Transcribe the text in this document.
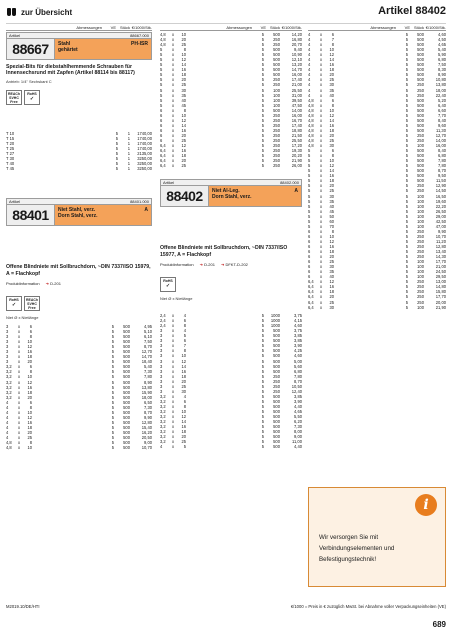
zur Übersicht	Artikel 88402
Abmessungen	VE Stück €/1000/Stk.
Artikel	88667.000
88667	Stahl
gehärtet
PH-ISR
Spezial-Bits für diebstahlhemmende Schrauben für Innensechsrund mit Zapfen (Artikel 88114 bis 88117)
Antrieb: 1/4" Sechskant C
REACh SVHC Free
RoHS
✓
T 10	5	1	1740,00
T 15	5	1	1740,00
T 20	5	1	1740,00
T 25	5	1	1740,00
T 27	5	1	2135,00
T 30	5	1	3250,00
T 40	5	1	3250,00
T 45	5	1	3250,00
Artikel	88401.000
88401	Niet Stahl, verz.
Dorn Stahl, verz.
A
Offene Blindniete mit Sollbruchdorn, ~DIN 7337/ISO 15979, A = Flachkopf
Produktinformation ➜ D-201
RoHS
✓
REACh SVHC Free
Niet Ø x Nietlänge
3	x	6	5	500	4,95
3	x	6	5	500	5,10
3	x	8	5	500	6,10
3	x	10	5	500	7,50
3	x	12	5	500	8,70
3	x	16	5	500	12,70
3	x	18	5	500	14,70
3	x	20	5	500	18,40
3,2	x	6	5	500	5,40
3,2	x	8	5	500	7,30
3,2	x	10	5	500	7,80
3,2	x	12	5	500	8,90
3,2	x	16	5	500	13,80
3,2	x	18	5	500	15,90
3,2	x	20	5	500	18,00
4	x	6	5	500	6,50
4	x	8	5	500	7,30
4	x	10	5	500	8,70
4	x	12	5	500	9,90
4	x	16	5	500	12,80
4	x	18	5	500	15,40
4	x	20	5	500	16,20
4	x	25	5	500	20,50
4,8	x	8	5	500	9,00
4,8	x	10	5	500	10,70
Abmessungen	VE Stück €/1000/Stk.
4,8	x	10	5	500	14,20
4,8	x	20	5	250	16,80
4,8	x	25	5	250	20,70
5	x	8	5	500	9,40
5	x	10	5	500	10,90
5	x	12	5	500	12,10
5	x	14	5	500	13,20
5	x	16	5	500	14,70
5	x	18	5	500	16,00
5	x	20	5	250	17,40
5	x	25	5	250	21,00
5	x	30	5	100	25,50
5	x	35	5	100	31,00
5	x	40	5	100	39,50
5	x	45	5	100	47,50
6	x	8	5	500	14,00
6	x	10	5	250	16,00
6	x	12	5	250	16,70
6	x	14	5	250	17,40
6	x	16	5	250	18,80
6	x	20	5	250	21,50
6	x	25	5	250	25,50
6,4	x	12	5	250	17,20
6,4	x	16	5	250	19,30
6,4	x	18	5	250	20,20
6,4	x	20	5	250	21,90
6,4	x	25	5	250	26,00
Artikel	88402.000
88402	Niet Al-Leg.
Dorn Stahl, verz.
A
Offene Blindniete mit Sollbruchdorn, ~DIN 7337/ISO 15977, A = Flachkopf
Produktinformation ➜ D-201 ➜ DFKT-D-202
RoHS
✓
Niet Ø x Nietlänge
2,4	x	4	5	1000	3,75
2,4	x	6	5	1000	4,15
2,4	x	8	5	1000	4,60
3	x	4	5	500	3,75
3	x	5	5	500	3,85
3	x	6	5	500	3,85
3	x	7	5	500	3,90
3	x	8	5	500	4,25
3	x	10	5	500	4,60
3	x	12	5	500	5,00
3	x	14	5	500	5,60
3	x	16	5	500	6,80
3	x	18	5	250	7,80
3	x	20	5	250	8,70
3	x	25	5	250	10,50
3	x	30	5	250	12,40
3,2	x	4	5	500	3,85
3,2	x	6	5	500	3,90
3,2	x	8	5	500	4,40
3,2	x	10	5	500	4,65
3,2	x	12	5	500	5,50
3,2	x	14	5	500	6,20
3,2	x	16	5	500	7,30
3,2	x	18	5	500	8,00
3,2	x	20	5	500	9,00
3,2	x	25	5	500	11,00
4	x	5	5	500	4,40
Abmessungen	VE Stück €/1000/Stk.
4	x	6	5	500	4,60
4	x	7	5	500	4,50
4	x	8	5	500	4,65
4	x	10	5	500	5,40
4	x	12	5	500	5,90
4	x	14	5	500	6,80
4	x	16	5	500	7,50
4	x	18	5	500	8,30
4	x	20	5	500	8,90
4	x	25	5	500	10,80
4	x	30	5	250	13,80
4	x	35	5	250	18,00
4	x	40	5	250	22,40
4,8	x	6	5	500	5,20
4,8	x	8	5	500	6,40
4,8	x	10	5	500	6,60
4,8	x	12	5	500	7,70
4,8	x	14	5	500	8,40
4,8	x	16	5	500	9,60
4,8	x	18	5	500	11,30
4,8	x	20	5	250	12,70
4,8	x	25	5	250	14,00
4,8	x	30	5	100	16,00
5	x	6	5	500	8,40
5	x	8	5	500	6,80
5	x	10	5	500	7,80
5	x	12	5	500	7,80
5	x	14	5	500	8,70
5	x	16	5	500	9,50
5	x	18	5	500	11,50
5	x	20	5	250	12,90
5	x	25	5	250	14,50
5	x	30	5	100	16,50
5	x	35	5	100	19,60
5	x	40	5	100	22,20
5	x	45	5	100	26,50
5	x	50	5	100	29,00
5	x	60	5	100	42,50
5	x	70	5	100	47,00
6	x	8	5	250	9,90
6	x	10	5	250	10,70
6	x	12	5	250	11,20
6	x	16	5	250	12,80
6	x	18	5	250	13,40
6	x	20	5	250	14,30
6	x	25	5	100	17,70
6	x	30	5	100	21,00
6	x	35	5	100	24,50
6	x	40	5	100	29,50
6,4	x	12	5	250	13,00
6,4	x	16	5	250	14,80
6,4	x	18	5	250	15,80
6,4	x	20	5	250	17,70
6,4	x	25	5	250	20,00
6,4	x	30	5	100	21,90
i
Wir versorgen Sie mit Verbindungselementen und Befestigungstechnik!
M2019.10/DE/HTI	€/1000 = Preis in € zuzüglich MwSt. bei Abnahme voller Verpackungseinheiten (VE)
689
